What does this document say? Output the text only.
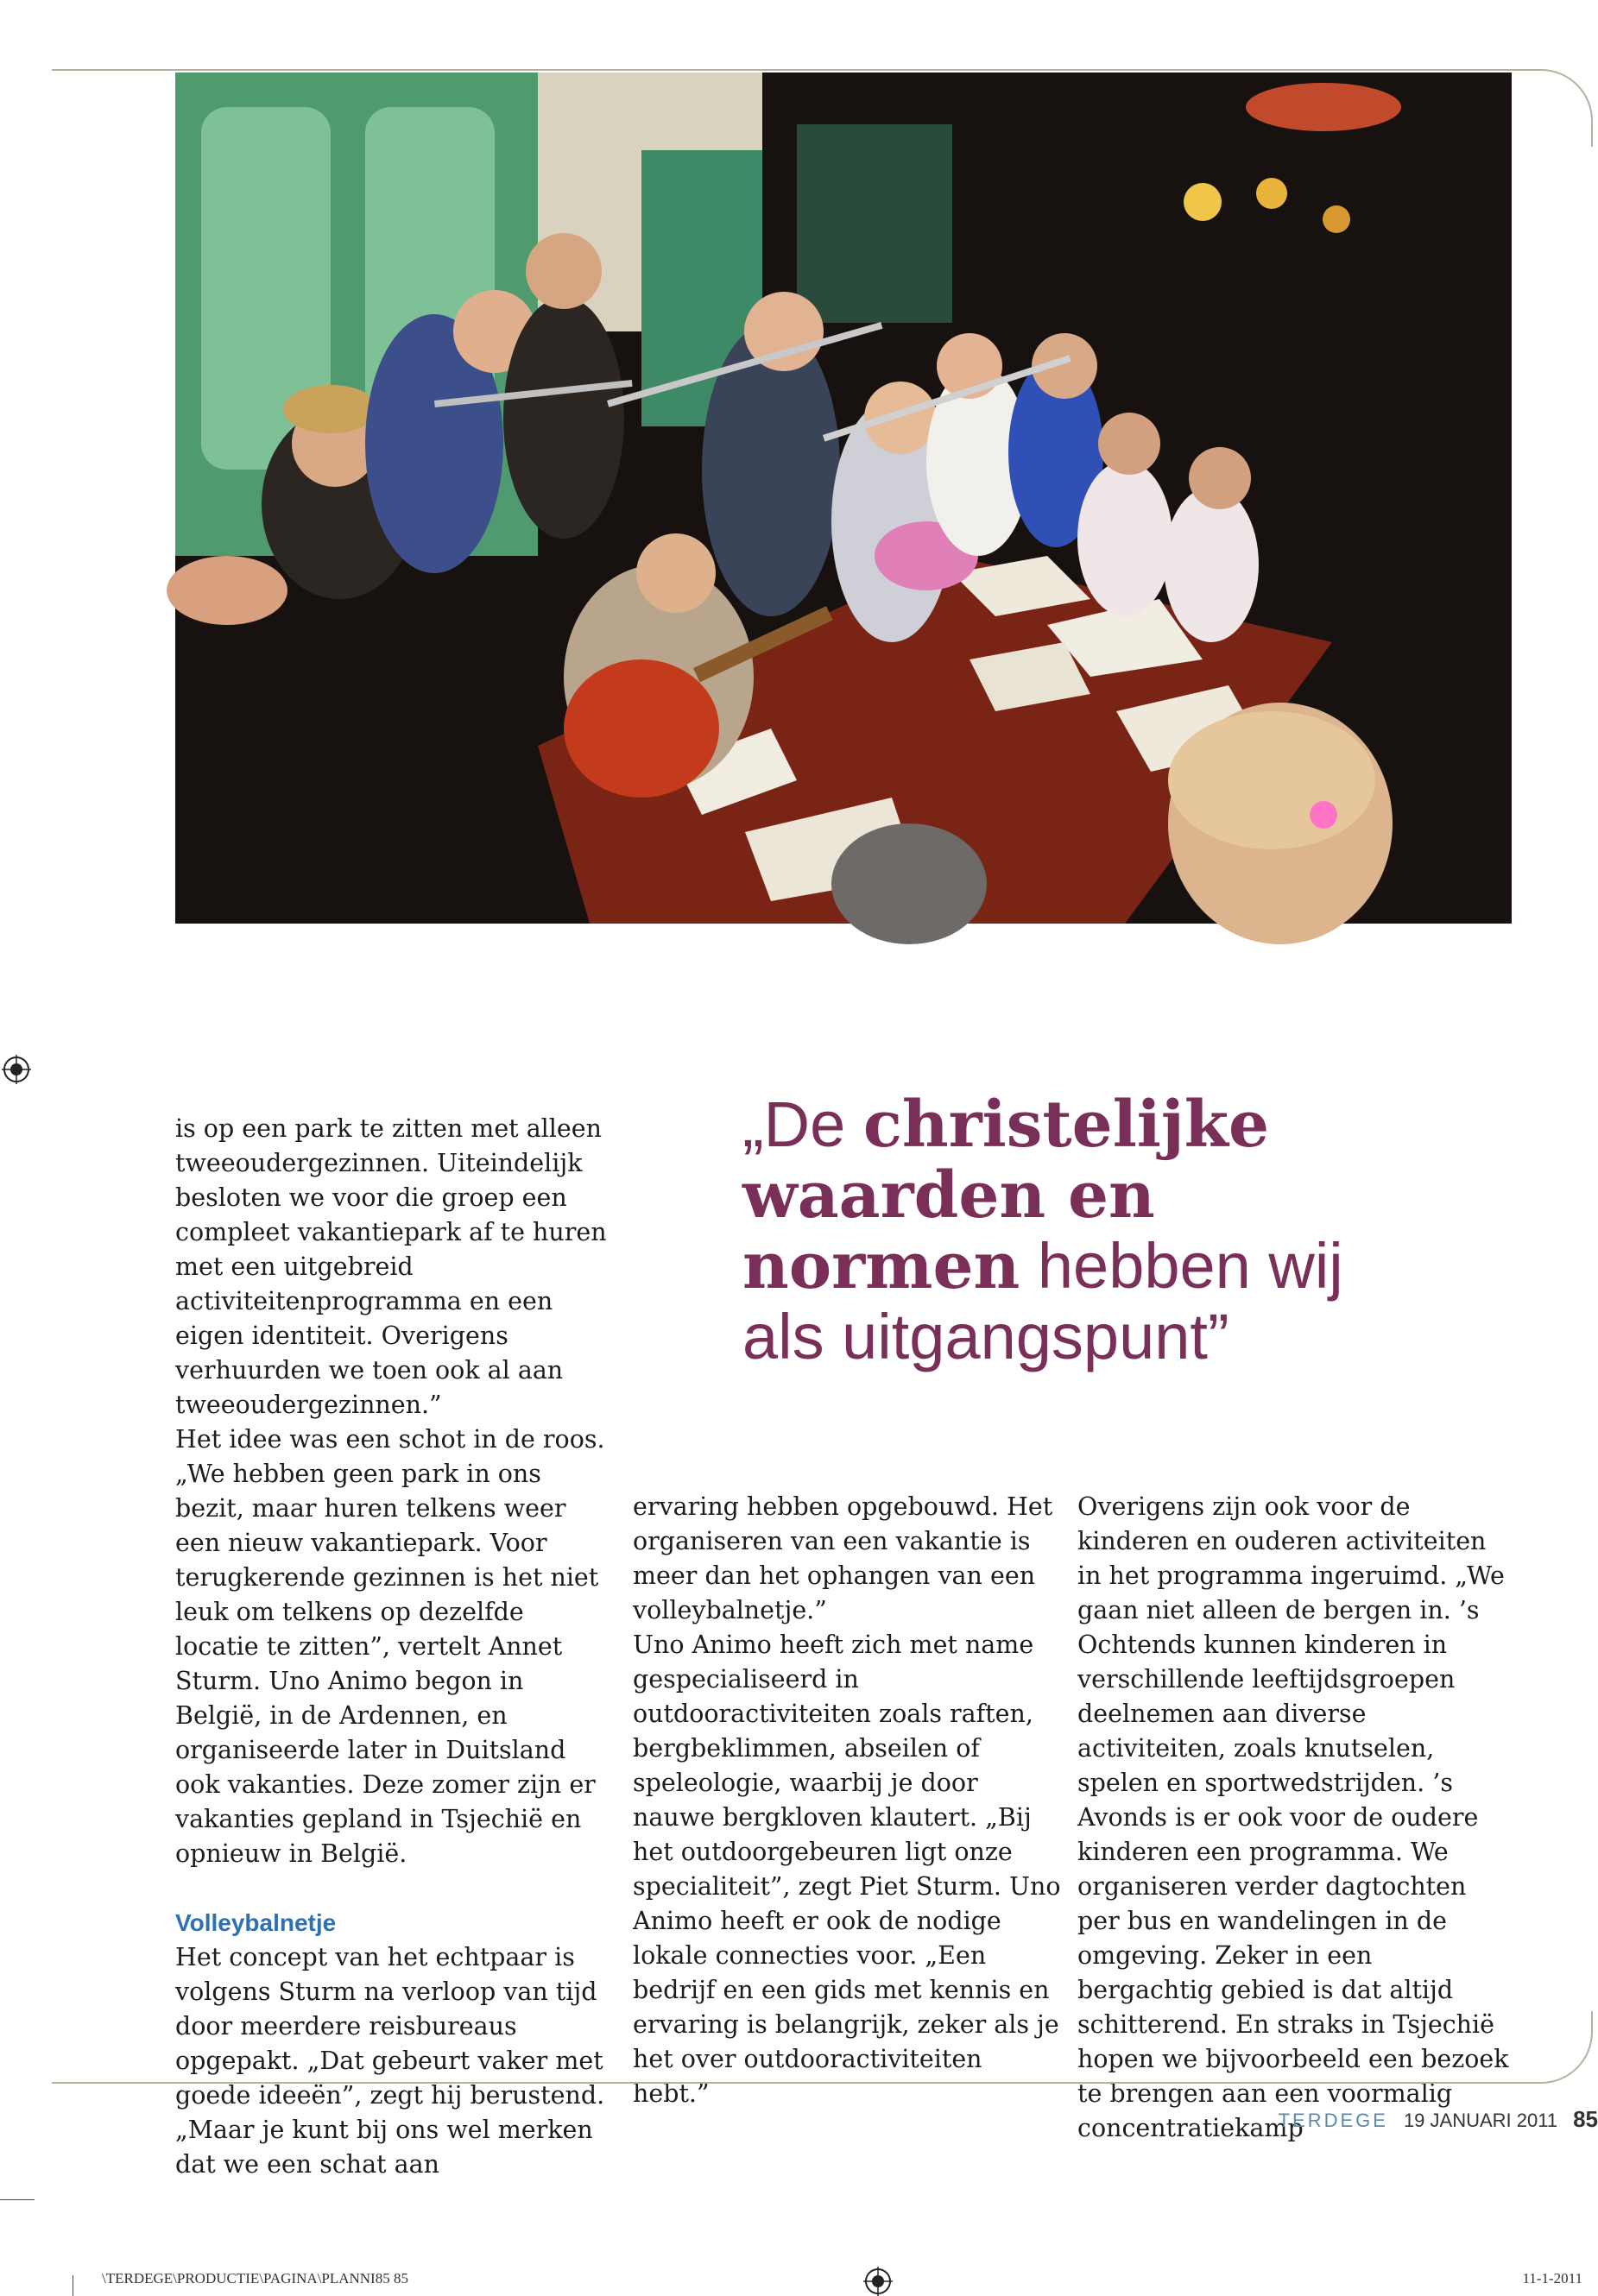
is op een park te zitten met alleen tweeoudergezinnen. Uiteindelijk besloten we voor die groep een compleet vakantiepark af te huren met een uitgebreid activiteitenprogramma en een eigen identiteit. Overigens verhuurden we toen ook al aan tweeoudergezinnen.”

Het idee was een schot in de roos. „We hebben geen park in ons bezit, maar huren telkens weer een nieuw vakantiepark. Voor terugkerende gezinnen is het niet leuk om telkens op dezelfde locatie te zitten”, vertelt Annet Sturm. Uno Animo begon in België, in de Ardennen, en organiseerde later in Duitsland ook vakanties. Deze zomer zijn er vakanties gepland in Tsjechië en opnieuw in België.

Volleybalnetje

Het concept van het echtpaar is volgens Sturm na verloop van tijd door meerdere reisbureaus opgepakt. „Dat gebeurt vaker met goede ideeën”, zegt hij berustend. „Maar je kunt bij ons wel merken dat we een schat aan

„De christelijke waarden en normen hebben wij als uitgangspunt”

ervaring hebben opgebouwd. Het organiseren van een vakantie is meer dan het ophangen van een volleybalnetje.”

Uno Animo heeft zich met name gespecialiseerd in outdooractiviteiten zoals raften, bergbeklimmen, abseilen of speleologie, waarbij je door nauwe bergkloven klautert. „Bij het outdoorgebeuren ligt onze specialiteit”, zegt Piet Sturm. Uno Animo heeft er ook de nodige lokale connecties voor. „Een bedrijf en een gids met kennis en ervaring is belangrijk, zeker als je het over outdooractiviteiten hebt.”

Overigens zijn ook voor de kinderen en ouderen activiteiten in het programma ingeruimd. „We gaan niet alleen de bergen in. ’s Ochtends kunnen kinderen in verschillende leeftijdsgroepen deelnemen aan diverse activiteiten, zoals knutselen, spelen en sportwedstrijden. ’s Avonds is er ook voor de oudere kinderen een programma. We organiseren verder dagtochten per bus en wandelingen in de omgeving. Zeker in een bergachtig gebied is dat altijd schitterend. En straks in Tsjechië hopen we bijvoorbeeld een bezoek te brengen aan een voormalig concentratiekamp

TERDEGE 19 JANUARI 2011 85
\TERDEGE\PRODUCTIE\PAGINA\PLANNI85 85	11-1-2011
